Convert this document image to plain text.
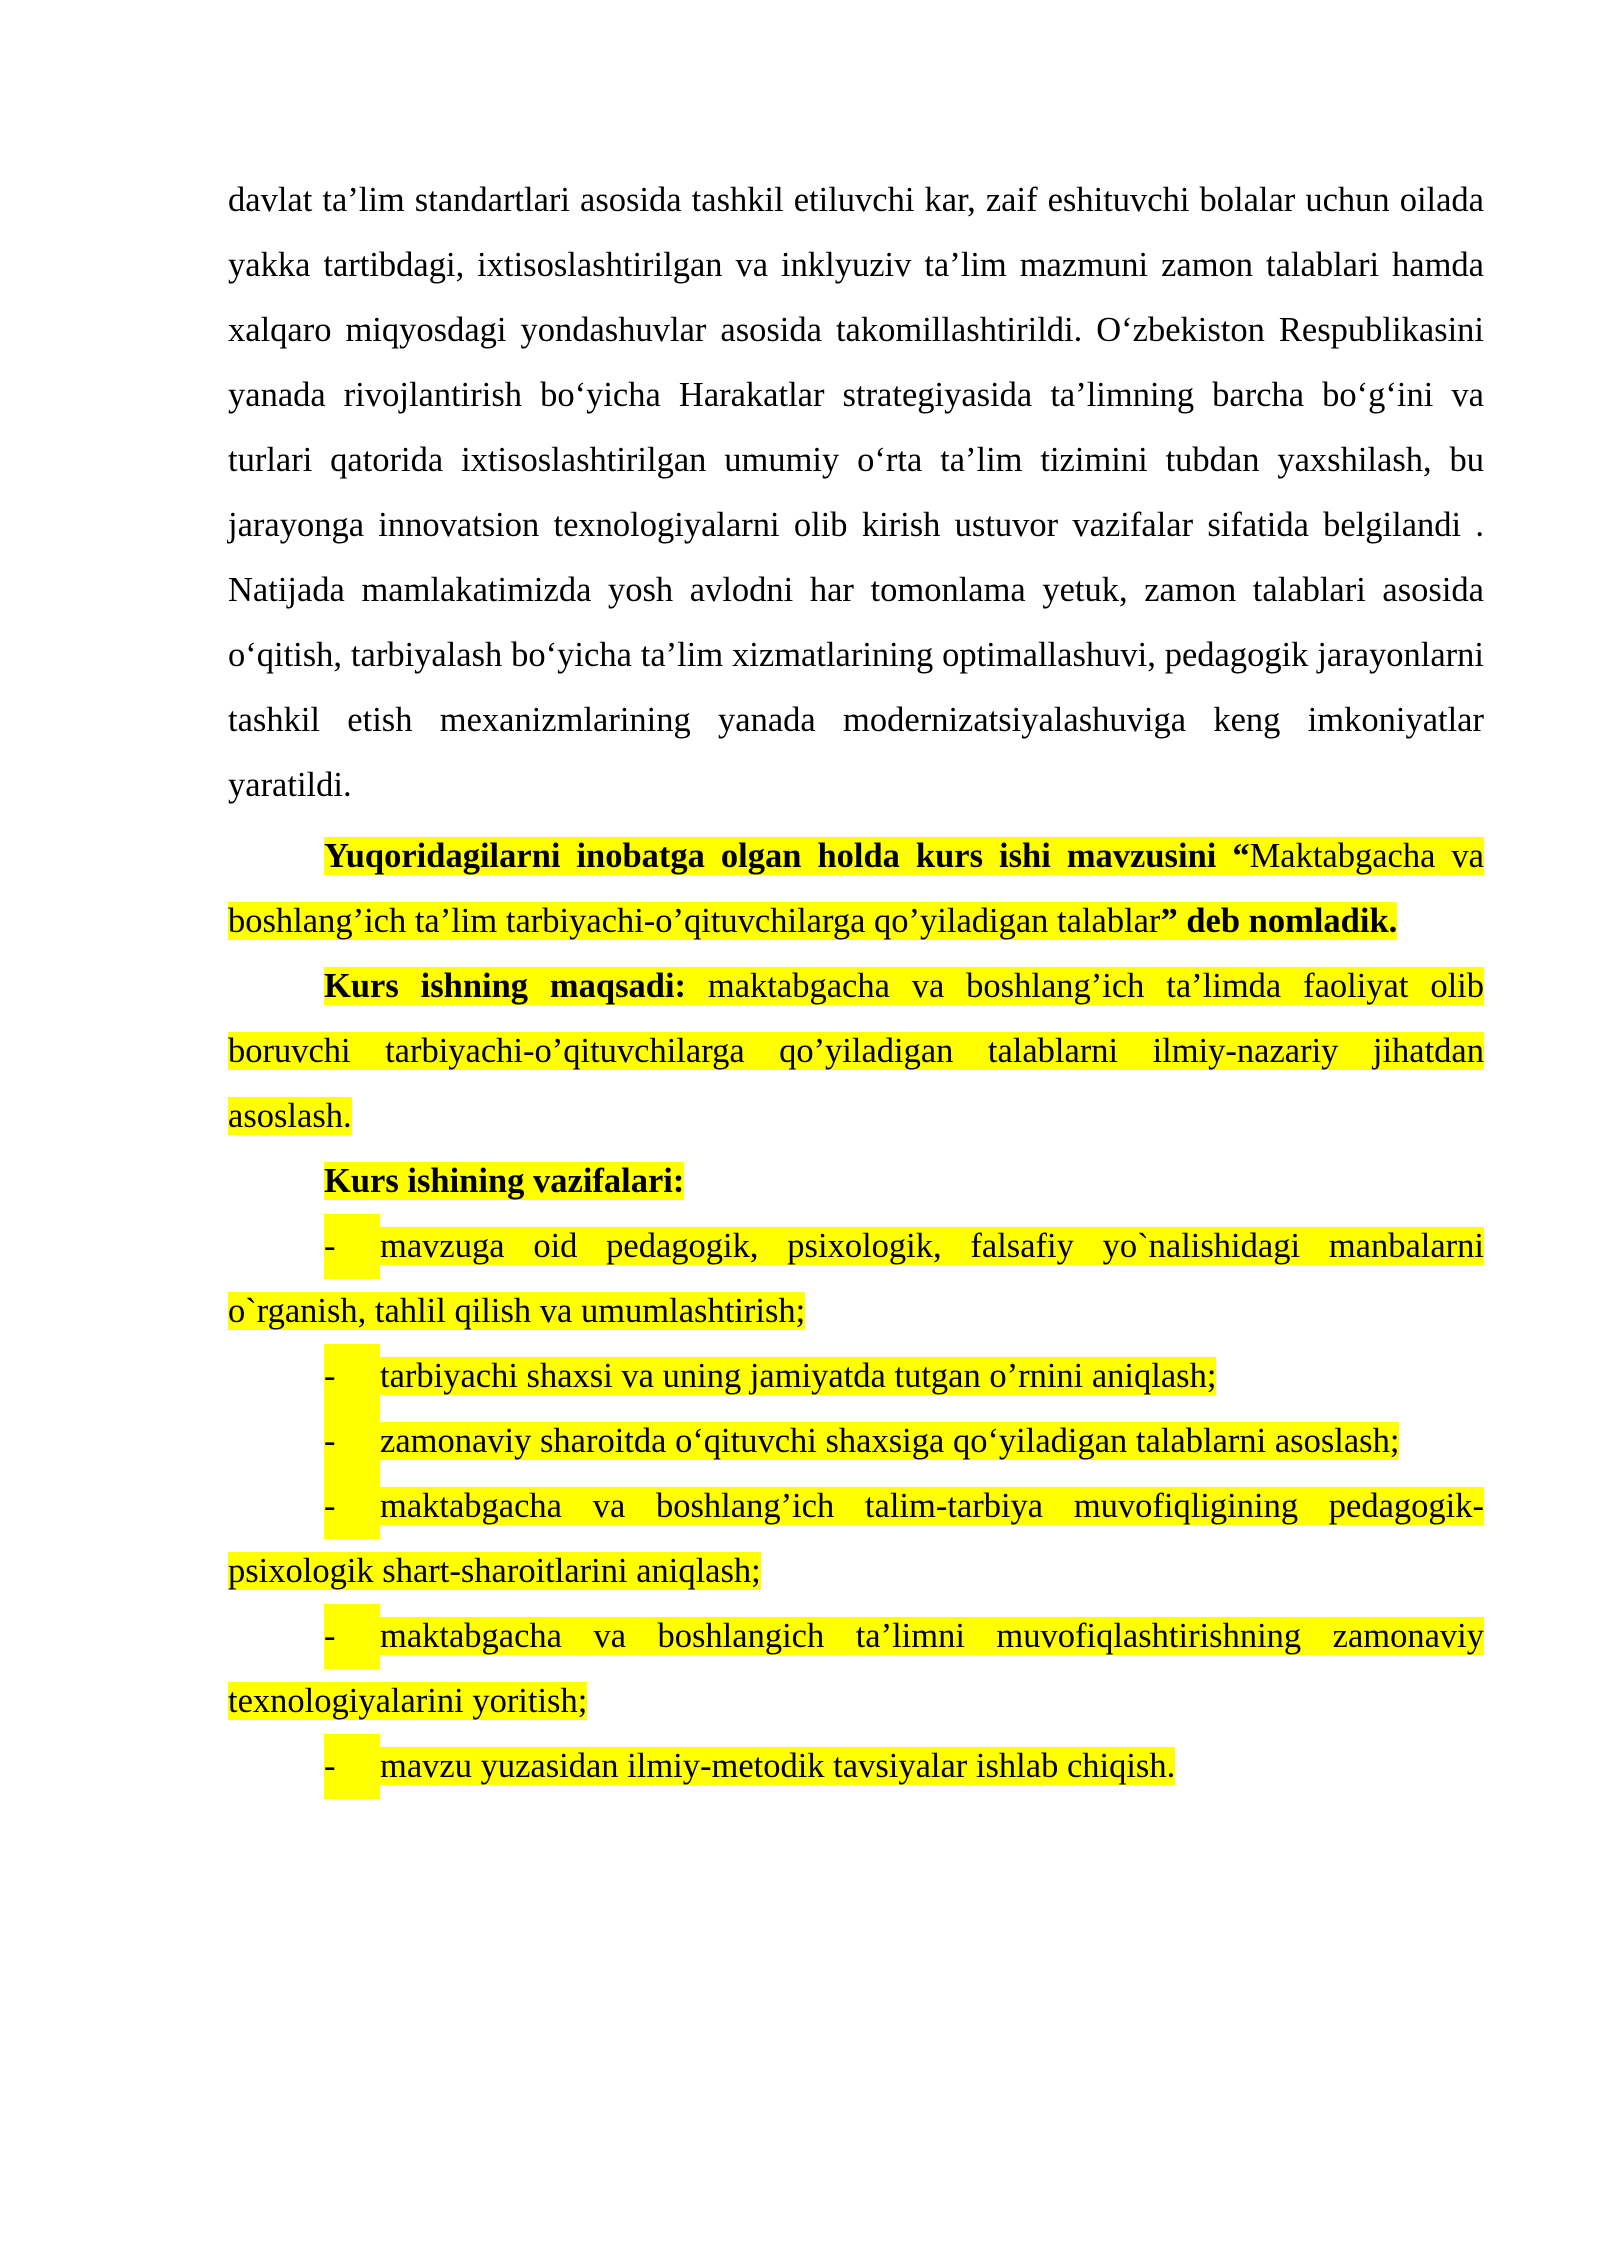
davlat ta’lim standartlari asosida tashkil etiluvchi kar, zaif eshituvchi bolalar uchun oilada yakka tartibdagi, ixtisoslashtirilgan va inklyuziv ta’lim mazmuni zamon talablari hamda xalqaro miqyosdagi yondashuvlar asosida takomillashtirildi. O‘zbekiston Respublikasini yanada rivojlantirish bo‘yicha Harakatlar strategiyasida ta’limning barcha bo‘g‘ini va turlari qatorida ixtisoslashtirilgan umumiy o‘rta ta’lim tizimini tubdan yaxshilash, bu jarayonga innovatsion texnologiyalarni olib kirish ustuvor vazifalar sifatida belgilandi . Natijada mamlakatimizda yosh avlodni har tomonlama yetuk, zamon talablari asosida o‘qitish, tarbiyalash bo‘yicha ta’lim xizmatlarining optimallashuvi, pedagogik jarayonlarni tashkil etish mexanizmlarining yanada modernizatsiyalashuviga keng imkoniyatlar yaratildi.

Yuqoridagilarni inobatga olgan holda kurs ishi mavzusini “Maktabgacha va boshlang’ich ta’lim tarbiyachi-o’qituvchilarga qo’yiladigan talablar” deb nomladik.

Kurs ishning maqsadi: maktabgacha va boshlang’ich ta’limda faoliyat olib boruvchi tarbiyachi-o’qituvchilarga qo’yiladigan talablarni ilmiy-nazariy jihatdan asoslash.

Kurs ishining vazifalari:

- mavzuga oid pedagogik, psixologik, falsafiy yo`nalishidagi manbalarni o`rganish, tahlil qilish va umumlashtirish;

- tarbiyachi shaxsi va uning jamiyatda tutgan o’rnini aniqlash;

- zamonaviy sharoitda o‘qituvchi shaxsiga qo‘yiladigan talablarni asoslash;

- maktabgacha va boshlang’ich talim-tarbiya muvofiqligining pedagogik-psixologik shart-sharoitlarini aniqlash;

- maktabgacha va boshlangich ta’limni muvofiqlashtirishning zamonaviy texnologiyalarini yoritish;

- mavzu yuzasidan ilmiy-metodik tavsiyalar ishlab chiqish.
